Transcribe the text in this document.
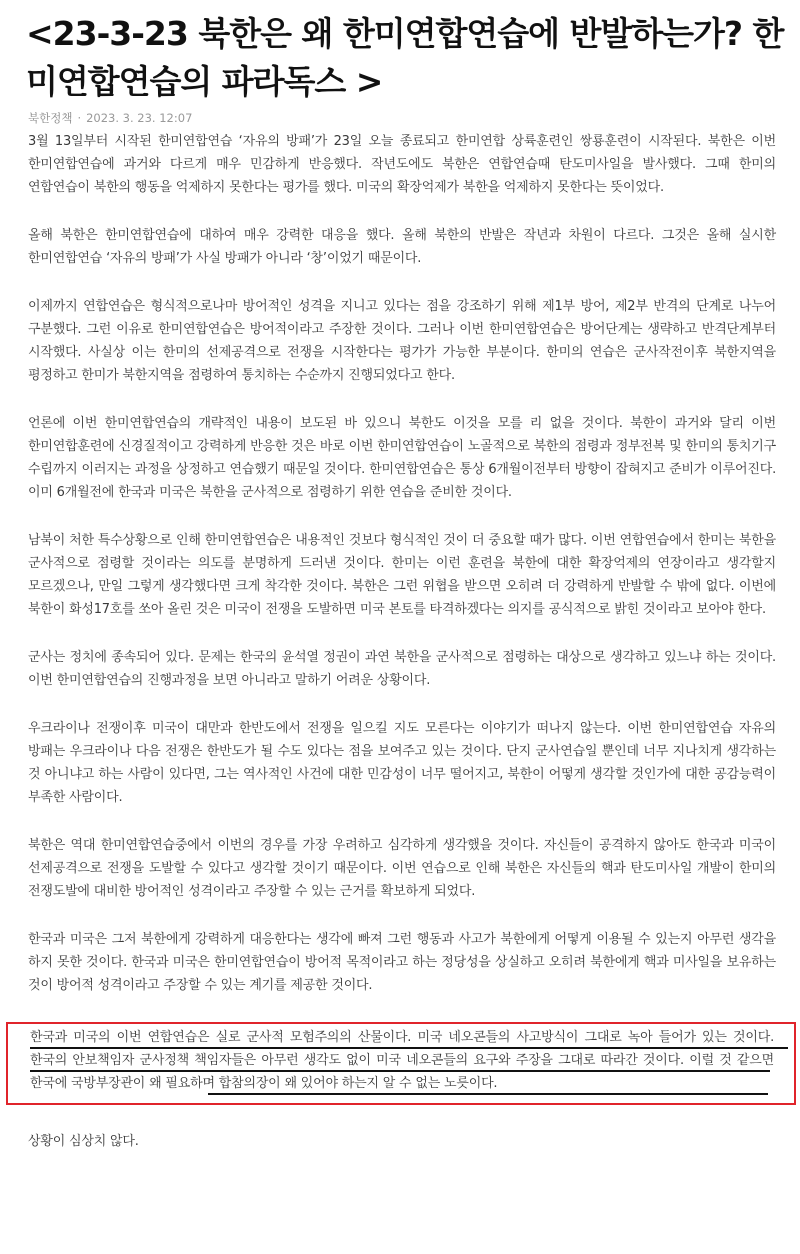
<23-3-23 북한은 왜 한미연합연습에 반발하는가? 한미연합연습의 파라독스 >
북한정책 · 2023. 3. 23. 12:07

3월 13일부터 시작된 한미연합연습 ‘자유의 방패’가 23일 오늘 종료되고 한미연합 상륙훈련인 쌍룡훈련이 시작된다. 북한은 이번 한미연합연습에 과거와 다르게 매우 민감하게 반응했다. 작년도에도 북한은 연합연습때 탄도미사일을 발사했다. 그때 한미의 연합연습이 북한의 행동을 억제하지 못한다는 평가를 했다. 미국의 확장억제가 북한을 억제하지 못한다는 뜻이었다.

올해 북한은 한미연합연습에 대하여 매우 강력한 대응을 했다. 올해 북한의 반발은 작년과 차원이 다르다. 그것은 올해 실시한 한미연합연습 ‘자유의 방패’가 사실 방패가 아니라 ‘창’이었기 때문이다.

이제까지 연합연습은 형식적으로나마 방어적인 성격을 지니고 있다는 점을 강조하기 위해 제1부 방어, 제2부 반격의 단계로 나누어 구분했다. 그런 이유로 한미연합연습은 방어적이라고 주장한 것이다. 그러나 이번 한미연합연습은 방어단계는 생략하고 반격단계부터 시작했다. 사실상 이는 한미의 선제공격으로 전쟁을 시작한다는 평가가 가능한 부분이다. 한미의 연습은 군사작전이후 북한지역을 평정하고 한미가 북한지역을 점령하여 통치하는 수순까지 진행되었다고 한다.

언론에 이번 한미연합연습의 개략적인 내용이 보도된 바 있으니 북한도 이것을 모를 리 없을 것이다. 북한이 과거와 달리 이번 한미연합훈련에 신경질적이고 강력하게 반응한 것은 바로 이번 한미연합연습이 노골적으로 북한의 점령과 정부전복 및 한미의 통치기구 수립까지 이러지는 과정을 상정하고 연습했기 때문일 것이다. 한미연합연습은 통상 6개월이전부터 방향이 잡혀지고 준비가 이루어진다. 이미 6개월전에 한국과 미국은 북한을 군사적으로 점령하기 위한 연습을 준비한 것이다.

남북이 처한 특수상황으로 인해 한미연합연습은 내용적인 것보다 형식적인 것이 더 중요할 때가 많다. 이번 연합연습에서 한미는 북한을 군사적으로 점령할 것이라는 의도를 분명하게 드러낸 것이다. 한미는 이런 훈련을 북한에 대한 확장억제의 연장이라고 생각할지 모르겠으나, 만일 그렇게 생각했다면 크게 착각한 것이다. 북한은 그런 위협을 받으면 오히려 더 강력하게 반발할 수 밖에 없다. 이번에 북한이 화성17호를 쏘아 올린 것은 미국이 전쟁을 도발하면 미국 본토를 타격하겠다는 의지를 공식적으로 밝힌 것이라고 보아야 한다.

군사는 정치에 종속되어 있다. 문제는 한국의 윤석열 정권이 과연 북한을 군사적으로 점령하는 대상으로 생각하고 있느냐 하는 것이다. 이번 한미연합연습의 진행과정을 보면 아니라고 말하기 어려운 상황이다.

우크라이나 전쟁이후 미국이 대만과 한반도에서 전쟁을 일으킬 지도 모른다는 이야기가 떠나지 않는다. 이번 한미연합연습 자유의 방패는 우크라이나 다음 전쟁은 한반도가 될 수도 있다는 점을 보여주고 있는 것이다. 단지 군사연습일 뿐인데 너무 지나치게 생각하는 것 아니냐고 하는 사람이 있다면, 그는 역사적인 사건에 대한 민감성이 너무 떨어지고, 북한이 어떻게 생각할 것인가에 대한 공감능력이 부족한 사람이다.

북한은 역대 한미연합연습중에서 이번의 경우를 가장 우려하고 심각하게 생각했을 것이다. 자신들이 공격하지 않아도 한국과 미국이 선제공격으로 전쟁을 도발할 수 있다고 생각할 것이기 때문이다. 이번 연습으로 인해 북한은 자신들의 핵과 탄도미사일 개발이 한미의 전쟁도발에 대비한 방어적인 성격이라고 주장할 수 있는 근거를 확보하게 되었다.

한국과 미국은 그저 북한에게 강력하게 대응한다는 생각에 빠져 그런 행동과 사고가 북한에게 어떻게 이용될 수 있는지 아무런 생각을 하지 못한 것이다. 한국과 미국은 한미연합연습이 방어적 목적이라고 하는 정당성을 상실하고 오히려 북한에게 핵과 미사일을 보유하는 것이 방어적 성격이라고 주장할 수 있는 계기를 제공한 것이다.

한국과 미국의 이번 연합연습은 실로 군사적 모험주의의 산물이다. 미국 네오콘들의 사고방식이 그대로 녹아 들어가 있는 것이다. 한국의 안보책임자 군사정책 책임자들은 아무런 생각도 없이 미국 네오콘들의 요구와 주장을 그대로 따라간 것이다. 이럴 것 같으면 한국에 국방부장관이 왜 필요하며 합참의장이 왜 있어야 하는지 알 수 없는 노릇이다.

상황이 심상치 않다.
